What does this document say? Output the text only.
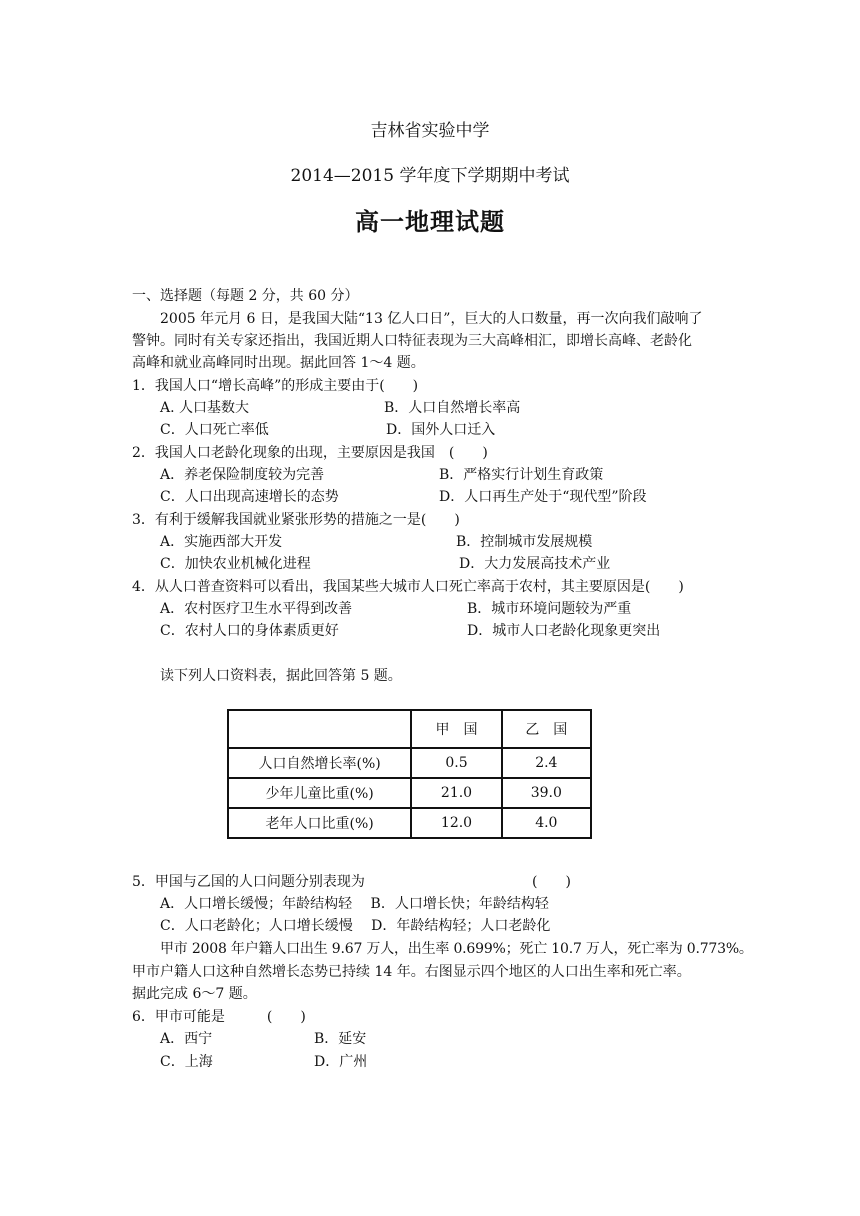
吉林省实验中学
2014—2015 学年度下学期期中考试
高一地理试题
一、选择题（每题 2 分，共 60 分）
2005 年元月 6 日，是我国大陆“13 亿人口日”，巨大的人口数量，再一次向我们敲响了
警钟。同时有关专家还指出，我国近期人口特征表现为三大高峰相汇，即增长高峰、老龄化
高峰和就业高峰同时出现。据此回答 1～4 题。
1．我国人口“增长高峰”的形成主要由于(　　)
A. 人口基数大	B．人口自然增长率高
C．人口死亡率低	D．国外人口迁入
2．我国人口老龄化现象的出现，主要原因是我国　(　　)
A．养老保险制度较为完善	B．严格实行计划生育政策
C．人口出现高速增长的态势	D．人口再生产处于“现代型”阶段
3．有利于缓解我国就业紧张形势的措施之一是(　　)
A．实施西部大开发	B．控制城市发展规模
C．加快农业机械化进程	D．大力发展高技术产业
4．从人口普查资料可以看出，我国某些大城市人口死亡率高于农村，其主要原因是(　　)
A．农村医疗卫生水平得到改善	B．城市环境问题较为严重
C．农村人口的身体素质更好	D．城市人口老龄化现象更突出
读下列人口资料表，据此回答第 5 题。
	甲　国	乙　国
人口自然增长率(%)	0.5	2.4
少年儿童比重(%)	21.0	39.0
老年人口比重(%)	12.0	4.0
5．甲国与乙国的人口问题分别表现为	(　　)
A．人口增长缓慢；年龄结构轻　 B．人口增长快；年龄结构轻
C．人口老龄化；人口增长缓慢　 D．年龄结构轻；人口老龄化
甲市 2008 年户籍人口出生 9.67 万人，出生率 0.699%；死亡 10.7 万人，死亡率为 0.773%。
甲市户籍人口这种自然增长态势已持续 14 年。右图显示四个地区的人口出生率和死亡率。
据此完成 6～7 题。
6．甲市可能是　　　(　　)
A．西宁	B．延安
C．上海	D．广州
